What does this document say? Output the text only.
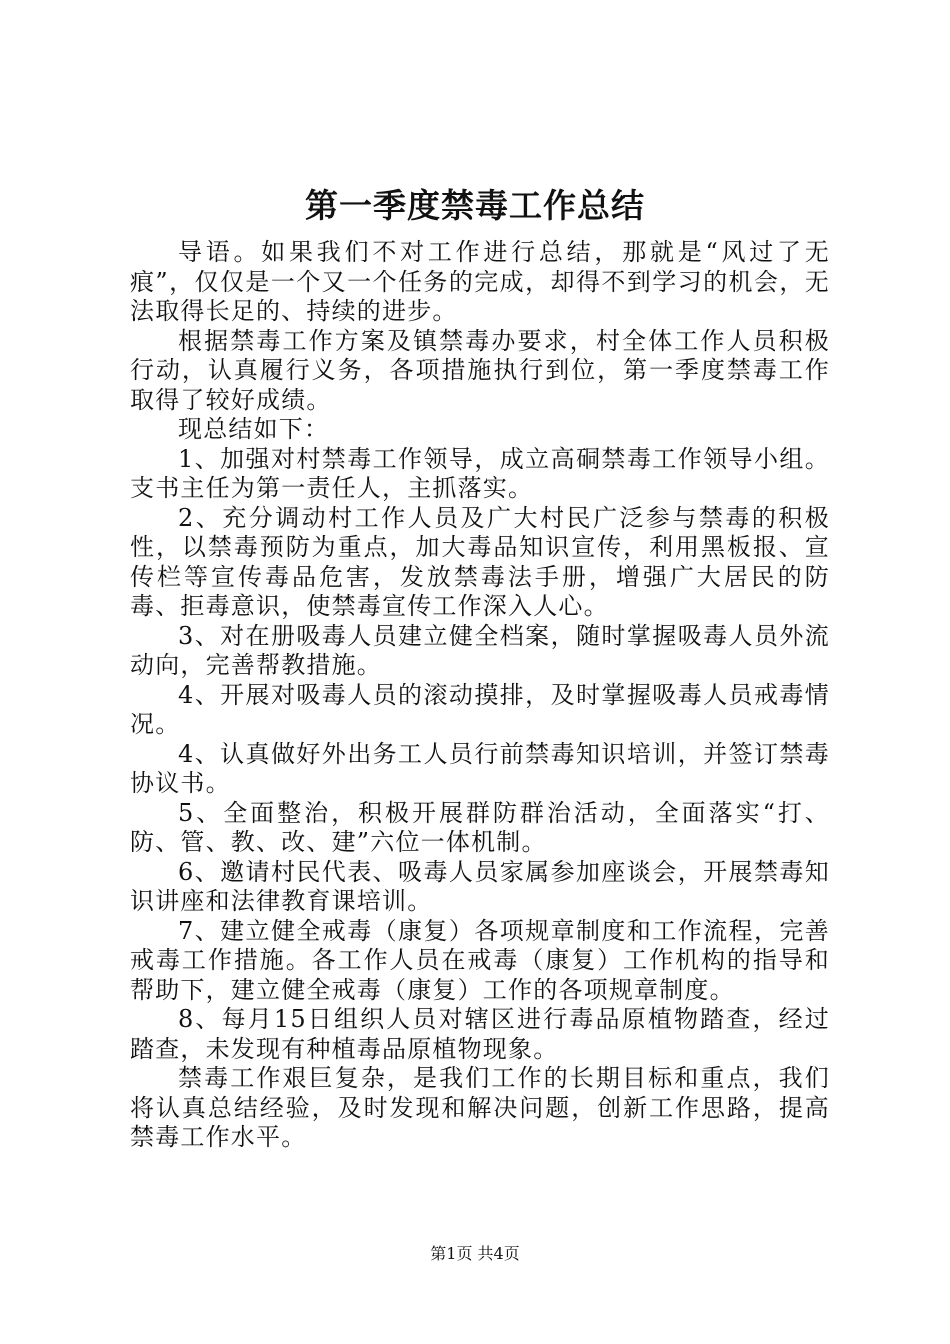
第一季度禁毒工作总结

导语。如果我们不对工作进行总结，那就是“风过了无痕”，仅仅是一个又一个任务的完成，却得不到学习的机会，无法取得长足的、持续的进步。

根据禁毒工作方案及镇禁毒办要求，村全体工作人员积极行动，认真履行义务，各项措施执行到位，第一季度禁毒工作取得了较好成绩。

现总结如下：

1、加强对村禁毒工作领导，成立高硐禁毒工作领导小组。支书主任为第一责任人，主抓落实。

2、充分调动村工作人员及广大村民广泛参与禁毒的积极性，以禁毒预防为重点，加大毒品知识宣传，利用黑板报、宣传栏等宣传毒品危害，发放禁毒法手册，增强广大居民的防毒、拒毒意识，使禁毒宣传工作深入人心。

3、对在册吸毒人员建立健全档案，随时掌握吸毒人员外流动向，完善帮教措施。

4、开展对吸毒人员的滚动摸排，及时掌握吸毒人员戒毒情况。

4、认真做好外出务工人员行前禁毒知识培训，并签订禁毒协议书。

5、全面整治，积极开展群防群治活动，全面落实“打、防、管、教、改、建”六位一体机制。

6、邀请村民代表、吸毒人员家属参加座谈会，开展禁毒知识讲座和法律教育课培训。

7、建立健全戒毒（康复）各项规章制度和工作流程，完善戒毒工作措施。各工作人员在戒毒（康复）工作机构的指导和帮助下，建立健全戒毒（康复）工作的各项规章制度。

8、每月15日组织人员对辖区进行毒品原植物踏查，经过踏查，未发现有种植毒品原植物现象。

禁毒工作艰巨复杂，是我们工作的长期目标和重点，我们将认真总结经验，及时发现和解决问题，创新工作思路，提高禁毒工作水平。

第1页 共4页
